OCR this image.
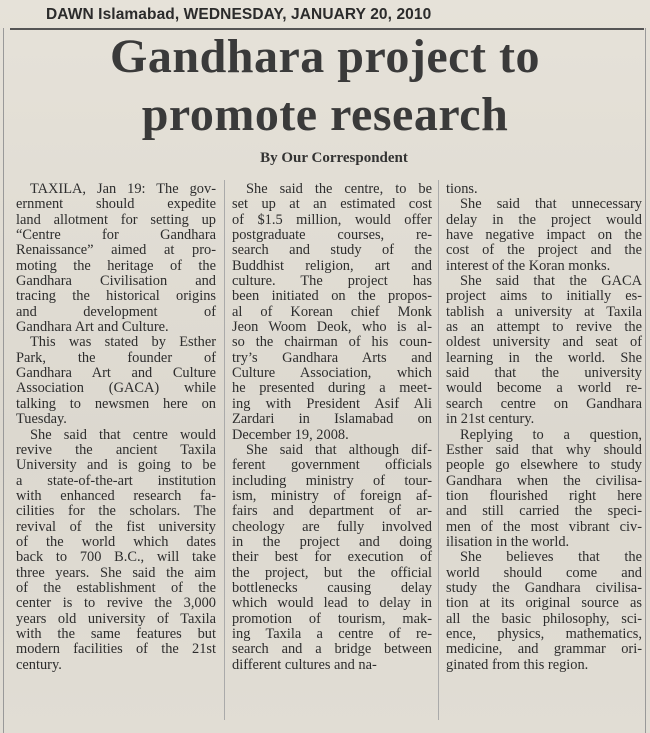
DAWN Islamabad, WEDNESDAY, JANUARY 20, 2010
Gandhara project to
promote research
By Our Correspondent
TAXILA, Jan 19: The gov-
ernment should expedite
land allotment for setting up
“Centre for Gandhara
Renaissance” aimed at pro-
moting the heritage of the
Gandhara Civilisation and
tracing the historical origins
and development of
Gandhara Art and Culture.
This was stated by Esther
Park, the founder of
Gandhara Art and Culture
Association (GACA) while
talking to newsmen here on
Tuesday.
She said that centre would
revive the ancient Taxila
University and is going to be
a state-of-the-art institution
with enhanced research fa-
cilities for the scholars. The
revival of the fist university
of the world which dates
back to 700 B.C., will take
three years. She said the aim
of the establishment of the
center is to revive the 3,000
years old university of Taxila
with the same features but
modern facilities of the 21st
century.
She said the centre, to be
set up at an estimated cost
of $1.5 million, would offer
postgraduate courses, re-
search and study of the
Buddhist religion, art and
culture. The project has
been initiated on the propos-
al of Korean chief Monk
Jeon Woom Deok, who is al-
so the chairman of his coun-
try’s Gandhara Arts and
Culture Association, which
he presented during a meet-
ing with President Asif Ali
Zardari in Islamabad on
December 19, 2008.
She said that although dif-
ferent government officials
including ministry of tour-
ism, ministry of foreign af-
fairs and department of ar-
cheology are fully involved
in the project and doing
their best for execution of
the project, but the official
bottlenecks causing delay
which would lead to delay in
promotion of tourism, mak-
ing Taxila a centre of re-
search and a bridge between
different cultures and na-
tions.
She said that unnecessary
delay in the project would
have negative impact on the
cost of the project and the
interest of the Koran monks.
She said that the GACA
project aims to initially es-
tablish a university at Taxila
as an attempt to revive the
oldest university and seat of
learning in the world. She
said that the university
would become a world re-
search centre on Gandhara
in 21st century.
Replying to a question,
Esther said that why should
people go elsewhere to study
Gandhara when the civilisa-
tion flourished right here
and still carried the speci-
men of the most vibrant civ-
ilisation in the world.
She believes that the
world should come and
study the Gandhara civilisa-
tion at its original source as
all the basic philosophy, sci-
ence, physics, mathematics,
medicine, and grammar ori-
ginated from this region.
